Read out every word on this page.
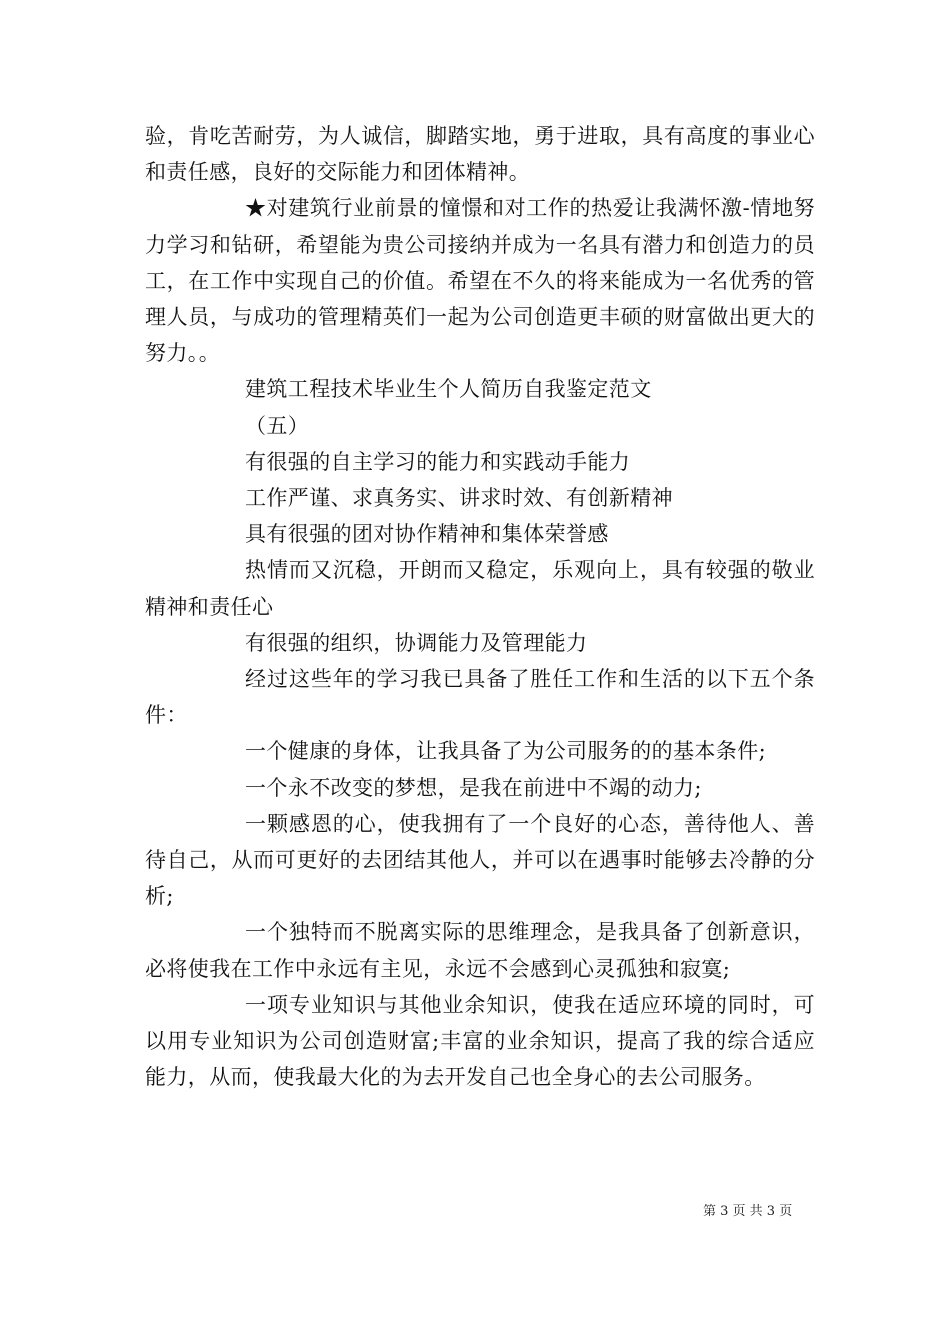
验，肯吃苦耐劳，为人诚信，脚踏实地，勇于进取，具有高度的事业心和责任感，良好的交际能力和团体精神。

★对建筑行业前景的憧憬和对工作的热爱让我满怀激-情地努力学习和钻研，希望能为贵公司接纳并成为一名具有潜力和创造力的员工，在工作中实现自己的价值。希望在不久的将来能成为一名优秀的管理人员，与成功的管理精英们一起为公司创造更丰硕的财富做出更大的努力。。

建筑工程技术毕业生个人简历自我鉴定范文

（五）

有很强的自主学习的能力和实践动手能力

工作严谨、求真务实、讲求时效、有创新精神

具有很强的团对协作精神和集体荣誉感

热情而又沉稳，开朗而又稳定，乐观向上，具有较强的敬业精神和责任心

有很强的组织，协调能力及管理能力

经过这些年的学习我已具备了胜任工作和生活的以下五个条件：

一个健康的身体，让我具备了为公司服务的的基本条件;

一个永不改变的梦想，是我在前进中不竭的动力;

一颗感恩的心，使我拥有了一个良好的心态，善待他人、善待自己，从而可更好的去团结其他人，并可以在遇事时能够去冷静的分析;

一个独特而不脱离实际的思维理念，是我具备了创新意识，必将使我在工作中永远有主见，永远不会感到心灵孤独和寂寞;

一项专业知识与其他业余知识，使我在适应环境的同时，可以用专业知识为公司创造财富;丰富的业余知识，提高了我的综合适应能力，从而，使我最大化的为去开发自己也全身心的去公司服务。

第 3 页 共 3 页
